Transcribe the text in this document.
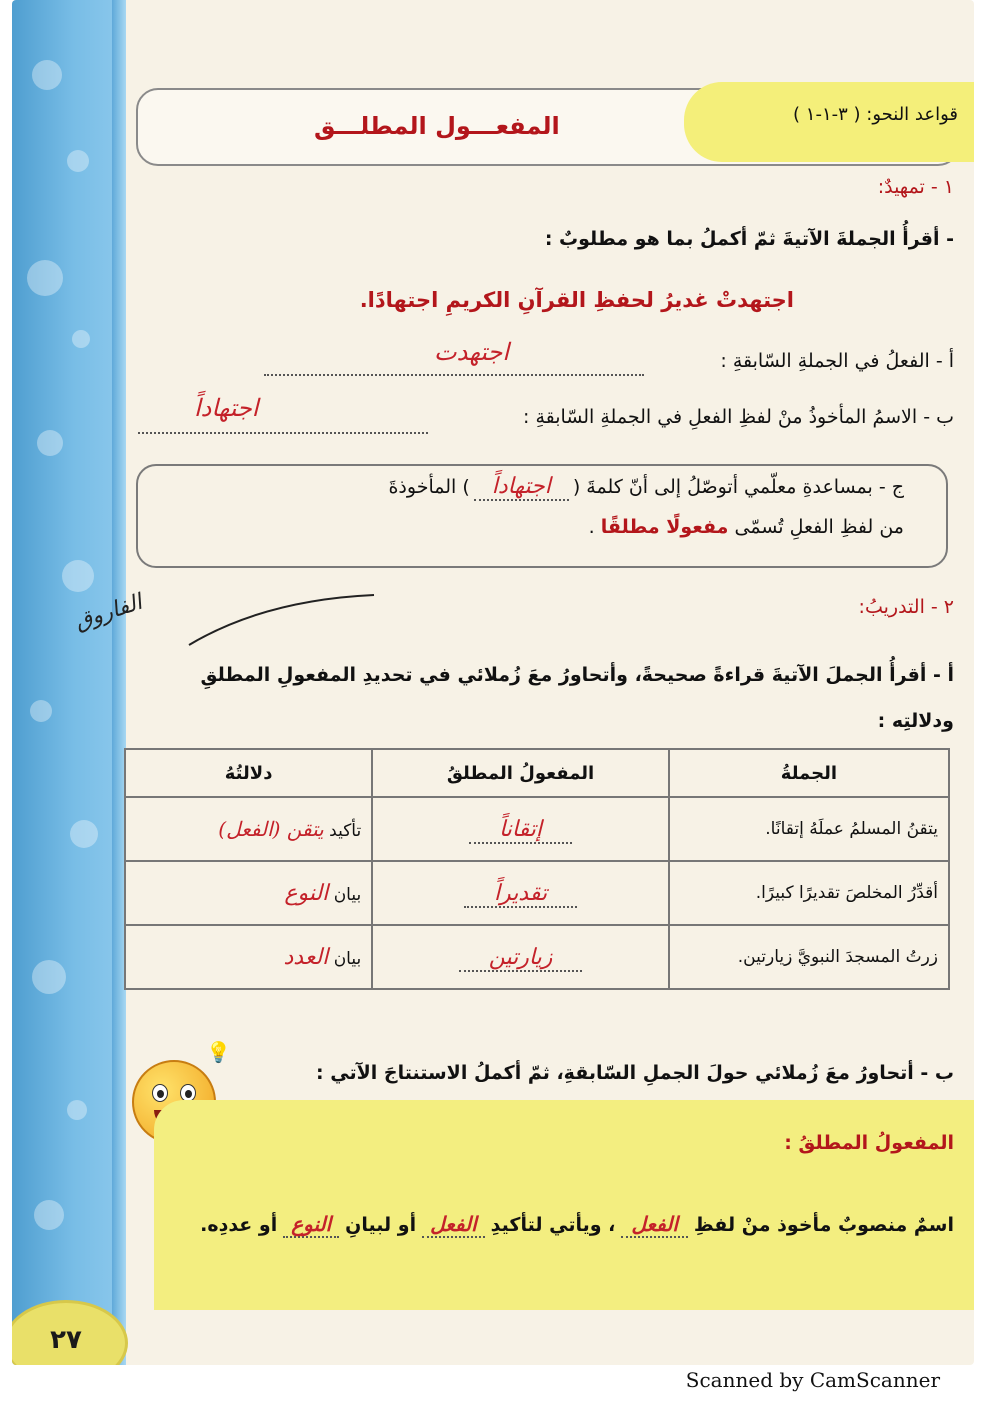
قواعد النحو: ( ٣-١-١ )
المفعـــول المطلـــق
١ - تمهيدٌ:
- أقرأُ الجملةَ الآتيةَ ثمّ أكملُ بما هو مطلوبٌ :
اجتهدتْ غديرُ لحفظِ القرآنِ الكريمِ اجتهادًا.
أ - الفعلُ في الجملةِ السّابقةِ :
اجتهدت
ب - الاسمُ المأخوذُ منْ لفظِ الفعلِ في الجملةِ السّابقةِ :
اجتهاداً
ج - بمساعدةِ معلّمي أتوصّلُ إلى أنّ كلمةَ (
اجتهاداً
) المأخوذةَ
من لفظِ الفعلِ تُسمّى مفعولًا مطلقًا .
٢ - التدريبُ:
الفاروق
أ - أقرأُ الجملَ الآتيةَ قراءةً صحيحةً، وأتحاورُ معَ زُملائي في تحديدِ المفعولِ المطلقِ
ودلالتِه :
الجملةُ	المفعولُ المطلقُ	دلالتُهُ
يتقنُ المسلمُ عملَهُ إتقانًا.	إتقاناً	تأكيد يتقن (الفعل)
أقدِّرُ المخلصَ تقديرًا كبيرًا.	تقديراً	بيان النوع
زرتُ المسجدَ النبويَّ زيارتين.	زيارتين	بيان العدد
ب - أتحاورُ معَ زُملائي حولَ الجملِ السّابقةِ، ثمّ أكملُ الاستنتاجَ الآتي :
💡
المفعولُ المطلقُ :
اسمٌ منصوبٌ مأخوذ منْ لفظِ
الفعل
، ويأتي لتأكيدِ
الفعل
أو لبيانِ
النوع
أو عددِه.
٢٧
Scanned by CamScanner
